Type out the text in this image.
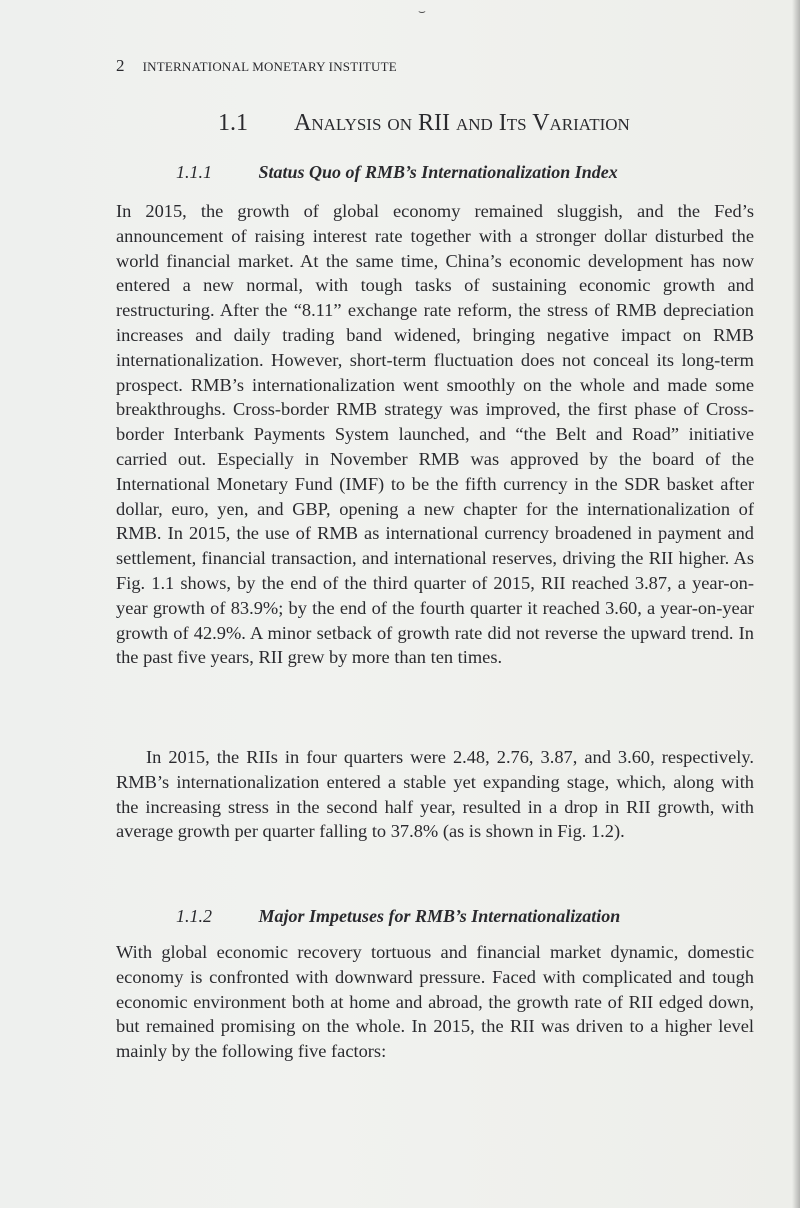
⌣
2 INTERNATIONAL MONETARY INSTITUTE
1.1 Analysis on RII and Its Variation
1.1.1	Status Quo of RMB’s Internationalization Index
In 2015, the growth of global economy remained sluggish, and the Fed’s announcement of raising interest rate together with a stronger dollar disturbed the world financial market. At the same time, China’s economic development has now entered a new normal, with tough tasks of sustaining economic growth and restructuring. After the “8.11” exchange rate reform, the stress of RMB depreciation increases and daily trading band widened, bringing negative impact on RMB internationalization. However, short-term fluctuation does not conceal its long-term prospect. RMB’s internationalization went smoothly on the whole and made some breakthroughs. Cross-border RMB strategy was improved, the first phase of Cross-border Interbank Payments System launched, and “the Belt and Road” initiative carried out. Especially in November RMB was approved by the board of the International Monetary Fund (IMF) to be the fifth currency in the SDR basket after dollar, euro, yen, and GBP, opening a new chapter for the internationalization of RMB. In 2015, the use of RMB as international currency broadened in payment and settlement, financial transaction, and international reserves, driving the RII higher. As Fig. 1.1 shows, by the end of the third quarter of 2015, RII reached 3.87, a year-on-year growth of 83.9%; by the end of the fourth quarter it reached 3.60, a year-on-year growth of 42.9%. A minor setback of growth rate did not reverse the upward trend. In the past five years, RII grew by more than ten times.
In 2015, the RIIs in four quarters were 2.48, 2.76, 3.87, and 3.60, respectively. RMB’s internationalization entered a stable yet expanding stage, which, along with the increasing stress in the second half year, resulted in a drop in RII growth, with average growth per quarter falling to 37.8% (as is shown in Fig. 1.2).
1.1.2	Major Impetuses for RMB’s Internationalization
With global economic recovery tortuous and financial market dynamic, domestic economy is confronted with downward pressure. Faced with complicated and tough economic environment both at home and abroad, the growth rate of RII edged down, but remained promising on the whole. In 2015, the RII was driven to a higher level mainly by the following five factors:
